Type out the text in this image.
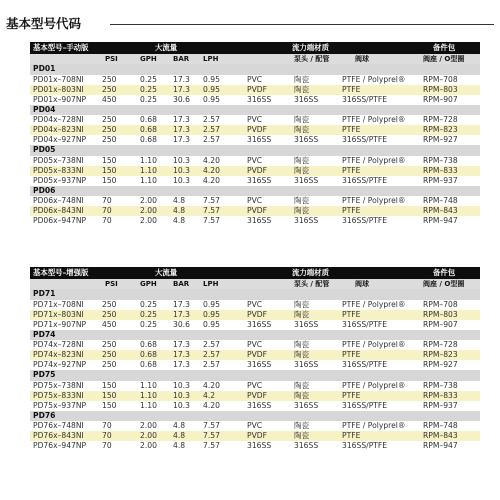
基本型号代码
基本型号–手动版	大流量	流力端材质	备件包
PSI	GPH BAR LPH	泵头 / 配管	阀球	阀座 / O型圈
PD01
PD01x–708NI 250	0.25 17.3 0.95	PVC	陶瓷	PTFE / Polyprel® RPM–708
PD01x–803NI 250	0.25 17.3 0.95	PVDF	陶瓷	PTFE	RPM–803
PD01x–907NP 450	0.25 30.6 0.95	316SS	316SS	316SS/PTFE	RPM–907
PD04
PD04x–728NI 250	0.68 17.3 2.57	PVC	陶瓷	PTFE / Polyprel® RPM–728
PD04x–823NI 250	0.68 17.3 2.57	PVDF	陶瓷	PTFE	RPM–823
PD04x–927NP 250	0.68 17.3 2.57	316SS	316SS	316SS/PTFE	RPM–927
PD05
PD05x–738NI 150	1.10 10.3 4.20	PVC	陶瓷	PTFE / Polyprel® RPM–738
PD05x–833NI 150	1.10 10.3 4.20	PVDF	陶瓷	PTFE	RPM–833
PD05x–937NP 150	1.10 10.3 4.20	316SS	316SS	316SS/PTFE	RPM–937
PD06
PD06x–748NI 70	2.00 4.8 7.57	PVC	陶瓷	PTFE / Polyprel® RPM–748
PD06x–843NI 70	2.00 4.8 7.57	PVDF	陶瓷	PTFE	RPM–843
PD06x–947NP 70	2.00 4.8 7.57	316SS	316SS	316SS/PTFE	RPM–947
基本型号–增强版	大流量	流力端材质	备件包
PSI	GPH BAR LPH	泵头 / 配管	阀球	阀座 / O型圈
PD71
PD71x–708NI 250	0.25 17.3 0.95	PVC	陶瓷	PTFE / Polyprel® RPM–708
PD71x–803NI 250	0.25 17.3 0.95	PVDF	陶瓷	PTFE	RPM–803
PD71x–907NP 450	0.25 30.6 0.95	316SS	316SS	316SS/PTFE	RPM–907
PD74
PD74x–728NI 250	0.68 17.3 2.57	PVC	陶瓷	PTFE / Polyprel® RPM–728
PD74x–823NI 250	0.68 17.3 2.57	PVDF	陶瓷	PTFE	RPM–823
PD74x–927NP 250	0.68 17.3 2.57	316SS	316SS	316SS/PTFE	RPM–927
PD75
PD75x–738NI 150	1.10 10.3 4.20	PVC	陶瓷	PTFE / Polyprel® RPM–738
PD75x–833NI 150	1.10 10.3 4.2	PVDF	陶瓷	PTFE	RPM–833
PD75x–937NP 150	1.10 10.3 4.20	316SS	316SS	316SS/PTFE	RPM–937
PD76
PD76x–748NI 70	2.00 4.8 7.57	PVC	陶瓷	PTFE / Polyprel® RPM–748
PD76x–843NI 70	2.00 4.8 7.57	PVDF	陶瓷	PTFE	RPM–843
PD76x–947NP 70	2.00 4.8 7.57	316SS	316SS	316SS/PTFE	RPM–947
